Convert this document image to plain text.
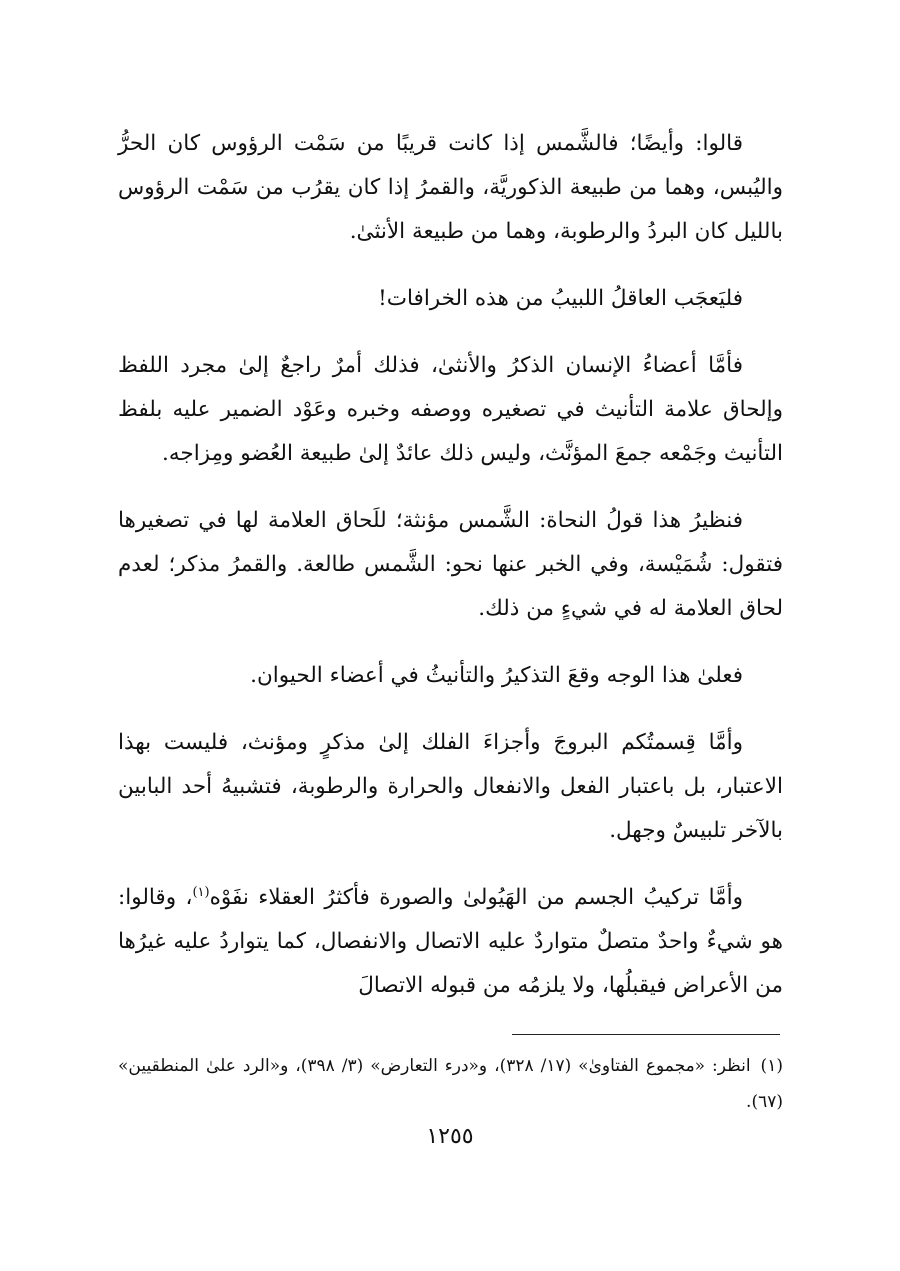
قالوا: وأيضًا؛ فالشَّمس إذا كانت قريبًا من سَمْت الرؤوس كان الحرُّ واليُبس، وهما من طبيعة الذكوريَّة، والقمرُ إذا كان يقرُب من سَمْت الرؤوس بالليل كان البردُ والرطوبة، وهما من طبيعة الأنثىٰ.

فليَعجَب العاقلُ اللبيبُ من هذه الخرافات!

فأمَّا أعضاءُ الإنسان الذكرُ والأنثىٰ، فذلك أمرٌ راجعٌ إلىٰ مجرد اللفظ وإلحاق علامة التأنيث في تصغيره ووصفه وخبره وعَوْد الضمير عليه بلفظ التأنيث وجَمْعه جمعَ المؤنَّث، وليس ذلك عائدٌ إلىٰ طبيعة العُضو ومِزاجه.

فنظيرُ هذا قولُ النحاة: الشَّمس مؤنثة؛ للَحاق العلامة لها في تصغيرها فتقول: شُمَيْسة، وفي الخبر عنها نحو: الشَّمس طالعة. والقمرُ مذكر؛ لعدم لحاق العلامة له في شيءٍ من ذلك.

فعلىٰ هذا الوجه وقعَ التذكيرُ والتأنيثُ في أعضاء الحيوان.

وأمَّا قِسمتُكم البروجَ وأجزاءَ الفلك إلىٰ مذكرٍ ومؤنث، فليست بهذا الاعتبار، بل باعتبار الفعل والانفعال والحرارة والرطوبة، فتشبيهُ أحد البابين بالآخر تلبيسٌ وجهل.

وأمَّا تركيبُ الجسم من الهَيُولىٰ والصورة فأكثرُ العقلاء نفَوْه$^{(١)}$، وقالوا: هو شيءٌ واحدٌ متصلٌ متواردٌ عليه الاتصال والانفصال، كما يتواردُ عليه غيرُها من الأعراض فيقبلُها، ولا يلزمُه من قبوله الاتصالَ

(١)انظر: «مجموع الفتاوىٰ» (١٧/ ٣٢٨)، و«درء التعارض» (٣/ ٣٩٨)، و«الرد علىٰ المنطقيين» (٦٧).
١٢٥٥
